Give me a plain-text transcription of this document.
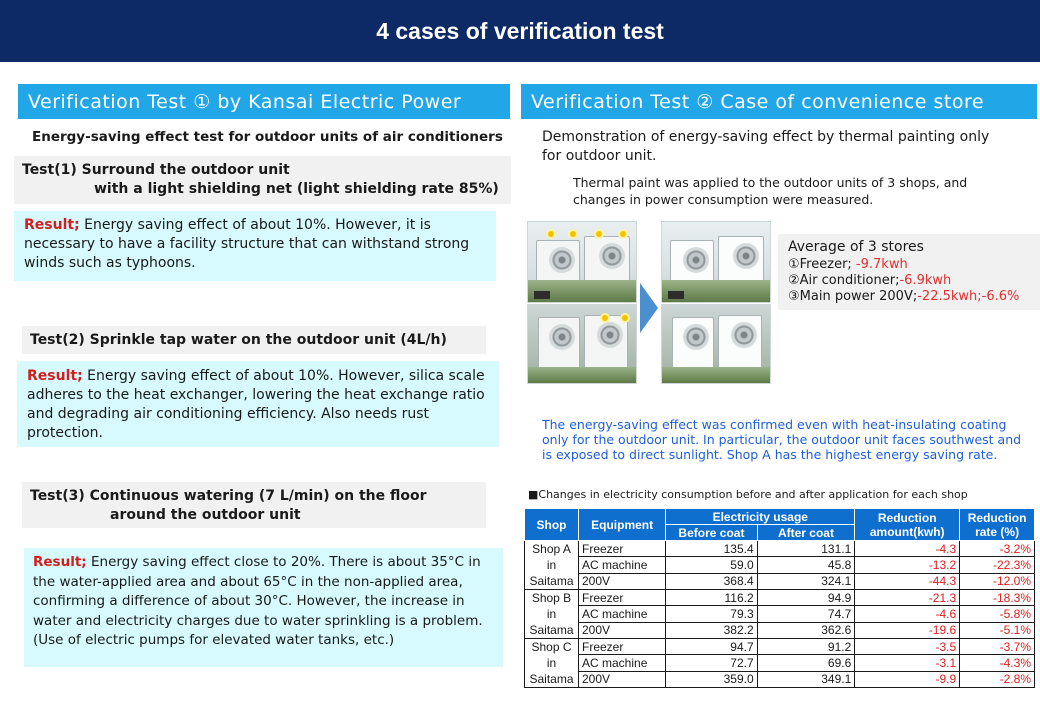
4 cases of verification test
Verification Test ① by Kansai Electric Power
Energy-saving effect test for outdoor units of air conditioners
Test(1) Surround the outdoor unit
with a light shielding net (light shielding rate 85%)
Result; Energy saving effect of about 10%. However, it is necessary to have a facility structure that can withstand strong winds such as typhoons.
Test(2) Sprinkle tap water on the outdoor unit (4L/h)
Result; Energy saving effect of about 10%. However, silica scale adheres to the heat exchanger, lowering the heat exchange ratio and degrading air conditioning efficiency. Also needs rust protection.
Test(3) Continuous watering (7 L/min) on the floor
around the outdoor unit
Result; Energy saving effect close to 20%. There is about 35°C in the water-applied area and about 65°C in the non-applied area, confirming a difference of about 30°C. However, the increase in water and electricity charges due to water sprinkling is a problem. (Use of electric pumps for elevated water tanks, etc.)
Verification Test ② Case of convenience store
Demonstration of energy-saving effect by thermal painting only for outdoor unit.
Thermal paint was applied to the outdoor units of 3 shops, and changes in power consumption were measured.
Average of 3 stores
①Freezer; -9.7kwh
②Air conditioner;-6.9kwh
③Main power 200V;-22.5kwh;-6.6%
The energy-saving effect was confirmed even with heat-insulating coating only for the outdoor unit. In particular, the outdoor unit faces southwest and is exposed to direct sunlight. Shop A has the highest energy saving rate.
■Changes in electricity consumption before and after application for each shop
Shop	Equipment	Electricity usage		Reduction amount(kwh)	Reduction rate (%)
		Before coat	After coat		

Shop A
in
Saitama	Freezer	135.4	131.1	-4.3	-3.2%
	AC machine	59.0	45.8	-13.2	-22.3%
	200V	368.4	324.1	-44.3	-12.0%

Shop B
in
Saitama	Freezer	116.2	94.9	-21.3	-18.3%
	AC machine	79.3	74.7	-4.6	-5.8%
	200V	382.2	362.6	-19.6	-5.1%

Shop C
in
Saitama	Freezer	94.7	91.2	-3.5	-3.7%
	AC machine	72.7	69.6	-3.1	-4.3%
	200V	359.0	349.1	-9.9	-2.8%
